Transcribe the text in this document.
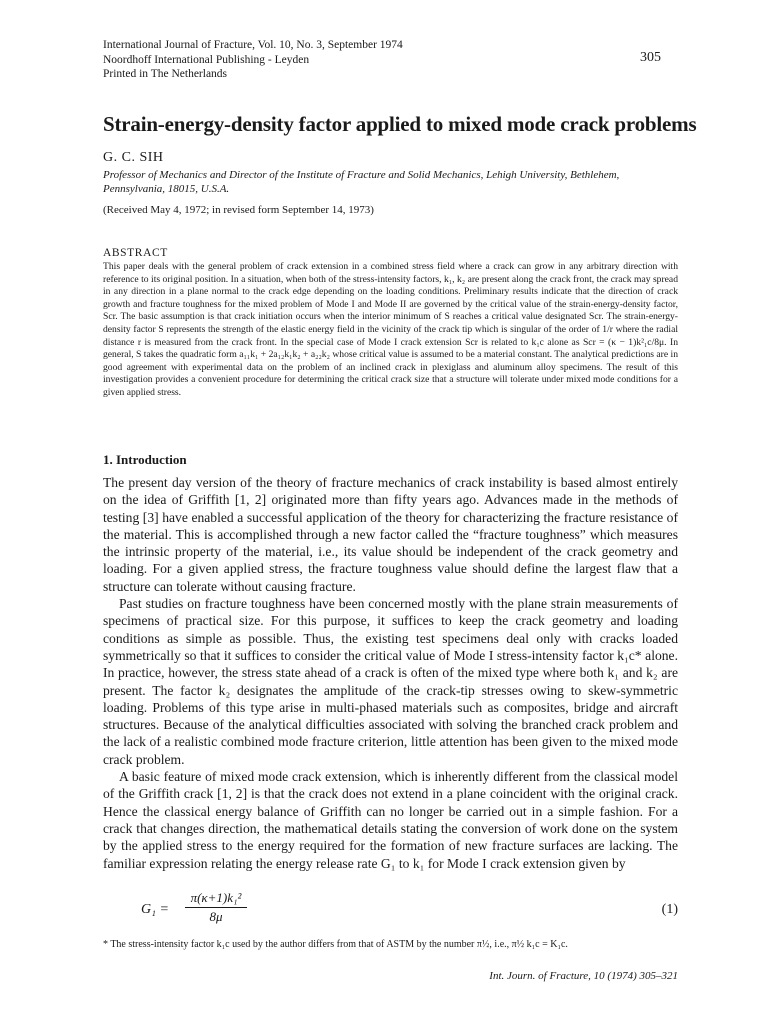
International Journal of Fracture, Vol. 10, No. 3, September 1974
Noordhoff International Publishing - Leyden
Printed in The Netherlands
305
Strain-energy-density factor applied to mixed mode crack problems
G. C. SIH
Professor of Mechanics and Director of the Institute of Fracture and Solid Mechanics, Lehigh University, Bethlehem, Pennsylvania, 18015, U.S.A.
(Received May 4, 1972; in revised form September 14, 1973)
ABSTRACT
This paper deals with the general problem of crack extension in a combined stress field where a crack can grow in any arbitrary direction with reference to its original position. In a situation, when both of the stress-intensity factors, k₁, k₂ are present along the crack front, the crack may spread in any direction in a plane normal to the crack edge depending on the loading conditions. Preliminary results indicate that the direction of crack growth and fracture toughness for the mixed problem of Mode I and Mode II are governed by the critical value of the strain-energy-density factor, Scr. The basic assumption is that crack initiation occurs when the interior minimum of S reaches a critical value designated Scr. The strain-energy-density factor S represents the strength of the elastic energy field in the vicinity of the crack tip which is singular of the order of 1/r where the radial distance r is measured from the crack front. In the special case of Mode I crack extension Scr is related to k₁c alone as Scr = (κ − 1)k²₁c/8μ. In general, S takes the quadratic form a₁₁k₁ + 2a₁₂k₁k₂ + a₂₂k₂ whose critical value is assumed to be a material constant. The analytical predictions are in good agreement with experimental data on the problem of an inclined crack in plexiglass and aluminum alloy specimens. The result of this investigation provides a convenient procedure for determining the critical crack size that a structure will tolerate under mixed mode conditions for a given applied stress.
1. Introduction

The present day version of the theory of fracture mechanics of crack instability is based almost entirely on the idea of Griffith [1, 2] originated more than fifty years ago. Advances made in the methods of testing [3] have enabled a successful application of the theory for characterizing the fracture resistance of the material. This is accomplished through a new factor called the “fracture toughness” which measures the intrinsic property of the material, i.e., its value should be independent of the crack geometry and loading. For a given applied stress, the fracture toughness value should define the largest flaw that a structure can tolerate without causing fracture.

Past studies on fracture toughness have been concerned mostly with the plane strain measurements of specimens of practical size. For this purpose, it suffices to keep the crack geometry and loading conditions as simple as possible. Thus, the existing test specimens deal only with cracks loaded symmetrically so that it suffices to consider the critical value of Mode I stress-intensity factor k₁c* alone. In practice, however, the stress state ahead of a crack is often of the mixed type where both k₁ and k₂ are present. The factor k₂ designates the amplitude of the crack-tip stresses owing to skew-symmetric loading. Problems of this type arise in multi-phased materials such as composites, bridge and aircraft structures. Because of the analytical difficulties associated with solving the branched crack problem and the lack of a realistic combined mode fracture criterion, little attention has been given to the mixed mode crack problem.

A basic feature of mixed mode crack extension, which is inherently different from the classical model of the Griffith crack [1, 2] is that the crack does not extend in a plane coincident with the original crack. Hence the classical energy balance of Griffith can no longer be carried out in a simple fashion. For a crack that changes direction, the mathematical details stating the conversion of work done on the system by the applied stress to the energy required for the formation of new fracture surfaces are lacking. The familiar expression relating the energy release rate G₁ to k₁ for Mode I crack extension given by

$G_1 = \frac{\text{π(κ+1)k₁²}}{8\mu}$	(1)
* The stress-intensity factor k₁c used by the author differs from that of ASTM by the number π½, i.e., π½ k₁c = K₁c.
Int. Journ. of Fracture, 10 (1974) 305–321
